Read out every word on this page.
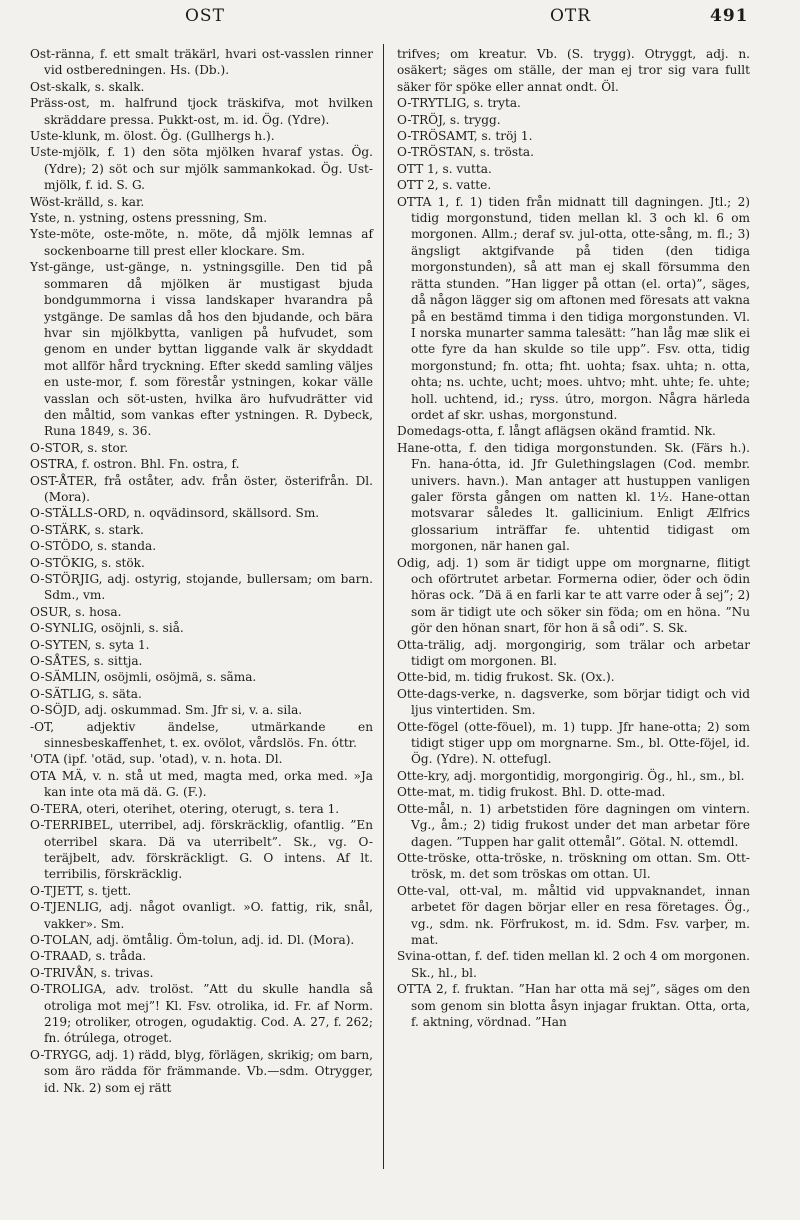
OST	OTR	491

Ost-ränna, f. ett smalt träkärl, hvari ost-vasslen rinner vid ostberedningen. Hs. (Db.).

Ost-skalk, s. skalk.

Präss-ost, m. halfrund tjock träskifva, mot hvilken skräddare pressa. Pukkt-ost, m. id. Ög. (Ydre).

Uste-klunk, m. ölost. Ög. (Gullhergs h.).

Uste-mjölk, f. 1) den söta mjölken hvaraf ystas. Ög. (Ydre); 2) söt och sur mjölk sammankokad. Ög. Ust-mjölk, f. id. S. G.

Wöst-krälld, s. kar.

Yste, n. ystning, ostens pressning, Sm.

Yste-möte, oste-möte, n. möte, då mjölk lemnas af sockenboarne till prest eller klockare. Sm.

Yst-gänge, ust-gänge, n. ystningsgille. Den tid på sommaren då mjölken är mustigast bjuda bondgummorna i vissa landskaper hvarandra på ystgänge. De samlas då hos den bjudande, och bära hvar sin mjölkbytta, vanligen på hufvudet, som genom en under byttan liggande valk är skyddadt mot allför hård tryckning. Efter skedd samling väljes en uste-mor, f. som förestår ystningen, kokar välle vasslan och söt-usten, hvilka äro hufvudrätter vid den måltid, som vankas efter ystningen. R. Dybeck, Runa 1849, s. 36.

O-STOR, s. stor.

OSTRA, f. ostron. Bhl. Fn. ostra, f.

OST-ÅTER, frå oståter, adv. från öster, österifrån. Dl. (Mora).

O-STÄLLS-ORD, n. oqvädinsord, skällsord. Sm.

O-STÄRK, s. stark.

O-STÖDO, s. standa.

O-STÖKIG, s. stök.

O-STÖRJIG, adj. ostyrig, stojande, bullersam; om barn. Sdm., vm.

OSUR, s. hosa.

O-SYNLIG, osöjnli, s. siå.

O-SYTEN, s. syta 1.

O-SÅTES, s. sittja.

O-SÄMLIN, osöjmli, osöjmä, s. sãma.

O-SÄTLIG, s. säta.

O-SÖJD, adj. oskummad. Sm. Jfr si, v. a. sila.

-OT, adjektiv ändelse, utmärkande en sinnesbeskaffenhet, t. ex. ovölot, vårdslös. Fn. óttr.

'OTA (ipf. 'otäd, sup. 'otad), v. n. hota. Dl.

OTA MÄ, v. n. stå ut med, magta med, orka med. »Ja kan inte ota mä dä. G. (F.).

O-TERA, oteri, oterihet, otering, oterugt, s. tera 1.

O-TERRIBEL, uterribel, adj. förskräcklig, ofantlig. ”En oterribel skara. Dä va uterribelt”. Sk., vg. O-teräjbelt, adv. förskräckligt. G. O intens. Af lt. terribilis, förskräcklig.

O-TJETT, s. tjett.

O-TJENLIG, adj. något ovanligt. »O. fattig, rik, snål, vakker». Sm.

O-TOLAN, adj. ömtålig. Öm-tolun, adj. id. Dl. (Mora).

O-TRAAD, s. tråda.

O-TRIVÅN, s. trivas.

O-TROLIGA, adv. trolöst. ”Att du skulle handla så otroliga mot mej”! Kl. Fsv. otrolika, id. Fr. af Norm. 219; otroliker, otrogen, ogudaktig. Cod. A. 27, f. 262; fn. ótrúlega, otroget.

O-TRYGG, adj. 1) rädd, blyg, förlägen, skrikig; om barn, som äro rädda för främmande. Vb.—sdm. Otrygger, id. Nk. 2) som ej rätt

trifves; om kreatur. Vb. (S. trygg). Otryggt, adj. n. osäkert; säges om ställe, der man ej tror sig vara fullt säker för spöke eller annat ondt. Öl.

O-TRYTLIG, s. tryta.

O-TRÖJ, s. trygg.

O-TRÖSAMT, s. tröj 1.

O-TRÖSTAN, s. trösta.

OTT 1, s. vutta.

OTT 2, s. vatte.

OTTA 1, f. 1) tiden från midnatt till dagningen. Jtl.; 2) tidig morgonstund, tiden mellan kl. 3 och kl. 6 om morgonen. Allm.; deraf sv. jul-otta, otte-sång, m. fl.; 3) ängsligt aktgifvande på tiden (den tidiga morgonstunden), så att man ej skall försumma den rätta stunden. ”Han ligger på ottan (el. orta)”, säges, då någon lägger sig om aftonen med föresats att vakna på en bestämd timma i den tidiga morgonstunden. Vl. I norska munarter samma talesätt: ”han låg mæ slik ei otte fyre da han skulde so tile upp”. Fsv. otta, tidig morgonstund; fn. otta; fht. uohta; fsax. uhta; n. otta, ohta; ns. uchte, ucht; moes. uhtvo; mht. uhte; fe. uhte; holl. uchtend, id.; ryss. útro, morgon. Några härleda ordet af skr. ushas, morgonstund.

Domedags-otta, f. långt aflägsen okänd framtid. Nk.

Hane-otta, f. den tidiga morgonstunden. Sk. (Färs h.). Fn. hana-ótta, id. Jfr Gulethingslagen (Cod. membr. univers. havn.). Man antager att hustuppen vanligen galer första gången om natten kl. 1½. Hane-ottan motsvarar således lt. gallicinium. Enligt Ælfrics glossarium inträffar fe. uhtentid tidigast om morgonen, när hanen gal.

Odig, adj. 1) som är tidigt uppe om morgnarne, flitigt och oförtrutet arbetar. Formerna odier, öder och ödin höras ock. ”Dä ä en farli kar te att varre oder å sej”; 2) som är tidigt ute och söker sin föda; om en höna. ”Nu gör den hönan snart, för hon ä så odi”. S. Sk.

Otta-trälig, adj. morgongirig, som trälar och arbetar tidigt om morgonen. Bl.

Otte-bid, m. tidig frukost. Sk. (Ox.).

Otte-dags-verke, n. dagsverke, som börjar tidigt och vid ljus vintertiden. Sm.

Otte-fögel (otte-föuel), m. 1) tupp. Jfr hane-otta; 2) som tidigt stiger upp om morgnarne. Sm., bl. Otte-föjel, id. Ög. (Ydre). N. ottefugl.

Otte-kry, adj. morgontidig, morgongirig. Ög., hl., sm., bl.

Otte-mat, m. tidig frukost. Bhl. D. otte-mad.

Otte-mål, n. 1) arbetstiden före dagningen om vintern. Vg., åm.; 2) tidig frukost under det man arbetar före dagen. ”Tuppen har galit ottemål”. Götal. N. ottemdl.

Otte-tröske, otta-tröske, n. tröskning om ottan. Sm. Ott-trösk, m. det som tröskas om ottan. Ul.

Otte-val, ott-val, m. måltid vid uppvaknandet, innan arbetet för dagen börjar eller en resa företages. Ög., vg., sdm. nk. Förfrukost, m. id. Sdm. Fsv. varþer, m. mat.

Svina-ottan, f. def. tiden mellan kl. 2 och 4 om morgonen. Sk., hl., bl.

OTTA 2, f. fruktan. ”Han har otta mä sej”, säges om den som genom sin blotta åsyn injagar fruktan. Otta, orta, f. aktning, vördnad. ”Han
